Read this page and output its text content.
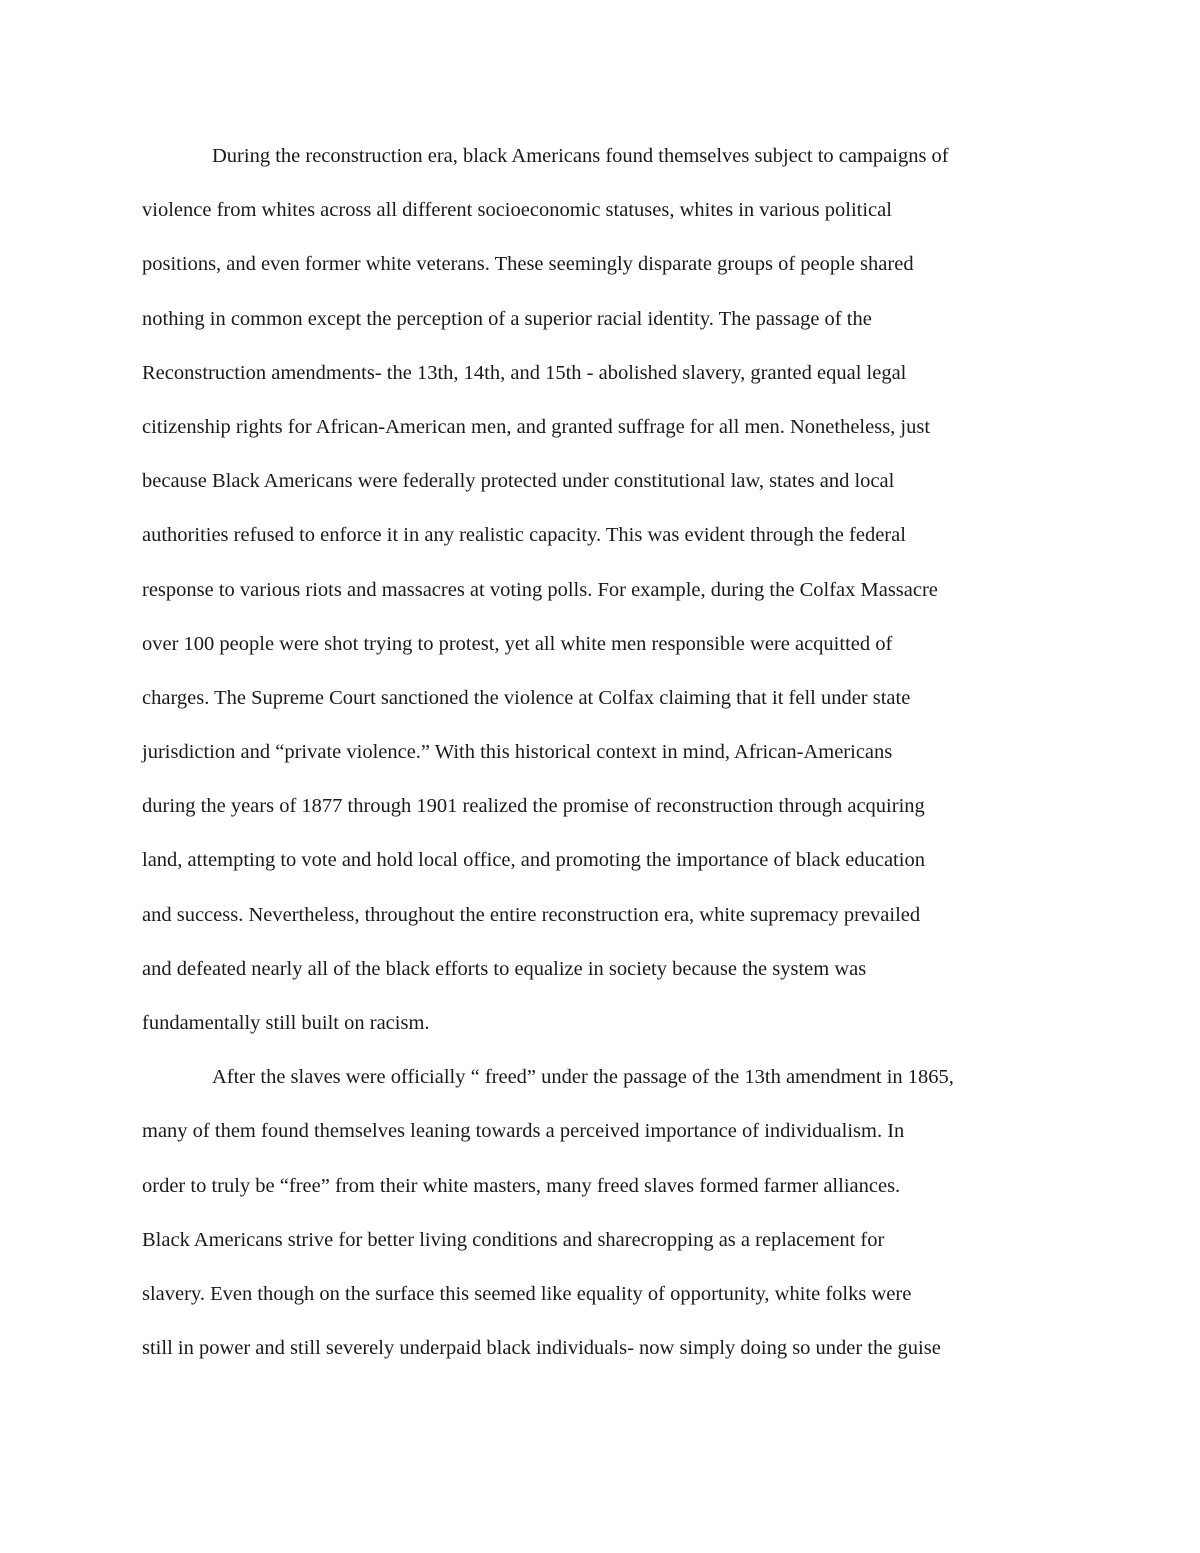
During the reconstruction era, black Americans found themselves subject to campaigns of
violence from whites across all different socioeconomic statuses, whites in various political
positions, and even former white veterans. These seemingly disparate groups of people shared
nothing in common except the perception of a superior racial identity. The passage of the
Reconstruction amendments- the 13th, 14th, and 15th - abolished slavery, granted equal legal
citizenship rights for African-American men, and granted suffrage for all men. Nonetheless, just
because Black Americans were federally protected under constitutional law, states and local
authorities refused to enforce it in any realistic capacity. This was evident through the federal
response to various riots and massacres at voting polls. For example, during the Colfax Massacre
over 100 people were shot trying to protest, yet all white men responsible were acquitted of
charges. The Supreme Court sanctioned the violence at Colfax claiming that it fell under state
jurisdiction and “private violence.” With this historical context in mind, African-Americans
during the years of 1877 through 1901 realized the promise of reconstruction through acquiring
land, attempting to vote and hold local office, and promoting the importance of black education
and success. Nevertheless, throughout the entire reconstruction era, white supremacy prevailed
and defeated nearly all of the black efforts to equalize in society because the system was
fundamentally still built on racism.
After the slaves were officially “ freed” under the passage of the 13th amendment in 1865,
many of them found themselves leaning towards a perceived importance of individualism. In
order to truly be “free” from their white masters, many freed slaves formed farmer alliances.
Black Americans strive for better living conditions and sharecropping as a replacement for
slavery. Even though on the surface this seemed like equality of opportunity, white folks were
still in power and still severely underpaid black individuals- now simply doing so under the guise
